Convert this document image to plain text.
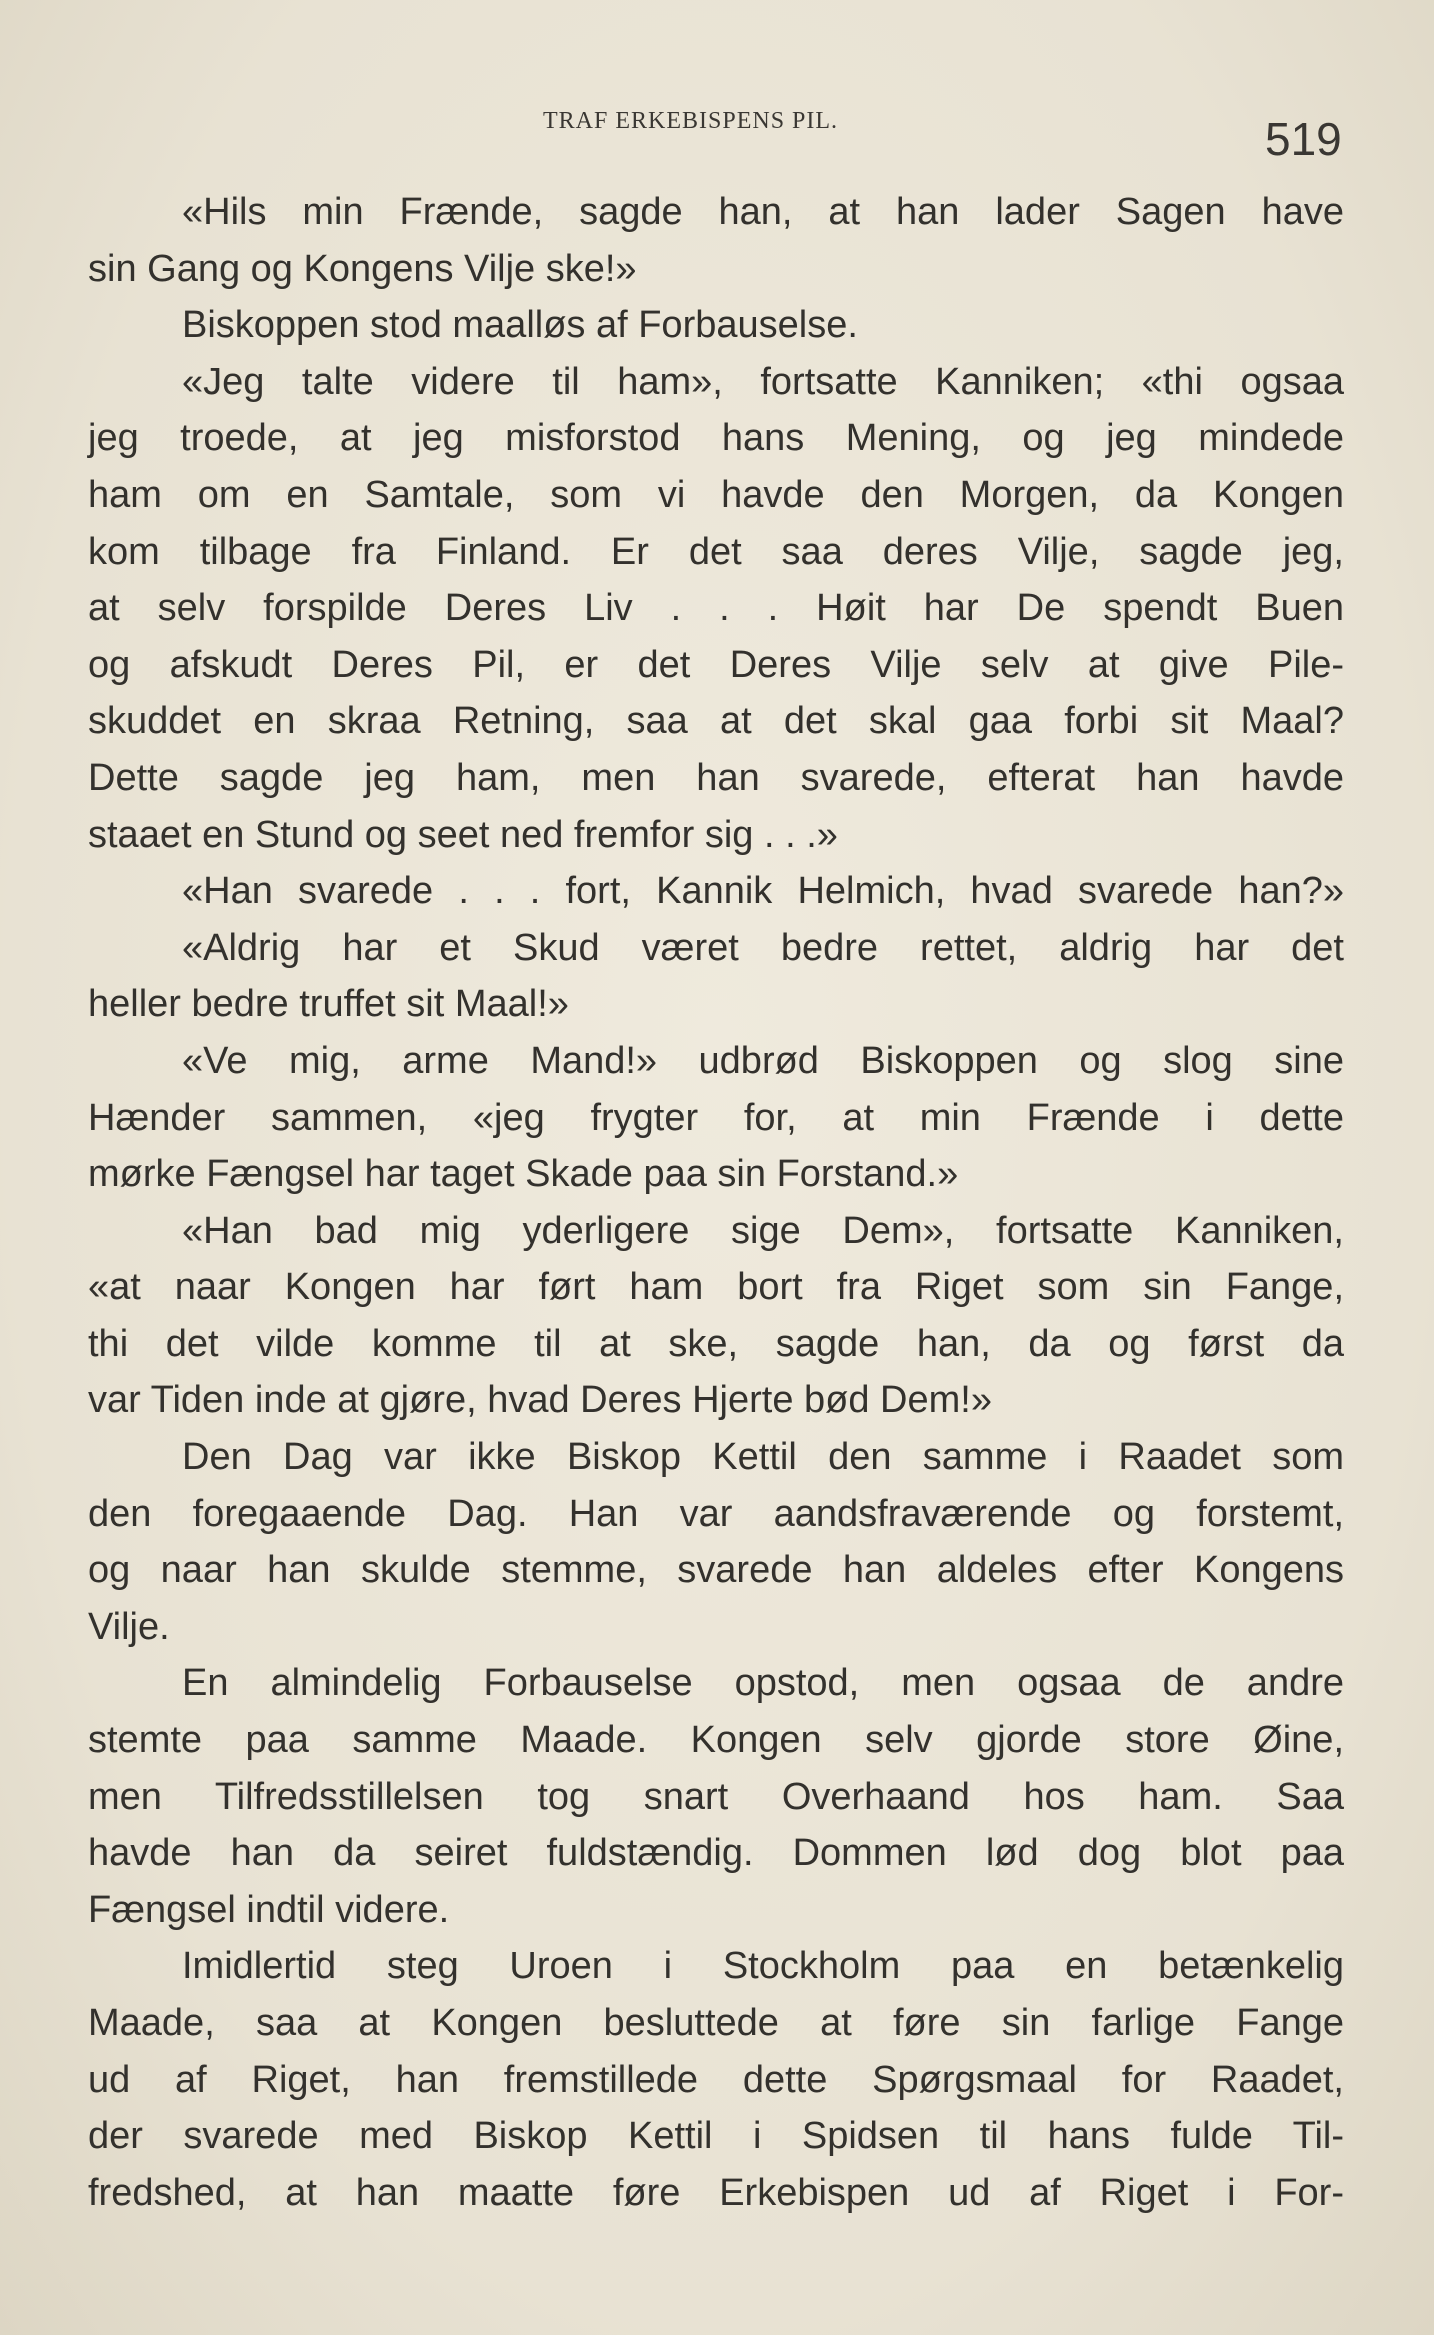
TRAF ERKEBISPENS PIL.	519
«Hils min Frænde, sagde han, at han lader Sagen have
sin Gang og Kongens Vilje ske!»
Biskoppen stod maalløs af Forbauselse.
«Jeg talte videre til ham», fortsatte Kanniken; «thi ogsaa
jeg troede, at jeg misforstod hans Mening, og jeg mindede
ham om en Samtale, som vi havde den Morgen, da Kongen
kom tilbage fra Finland. Er det saa deres Vilje, sagde jeg,
at selv forspilde Deres Liv . . . Høit har De spendt Buen
og afskudt Deres Pil, er det Deres Vilje selv at give Pile-
skuddet en skraa Retning, saa at det skal gaa forbi sit Maal?
Dette sagde jeg ham, men han svarede, efterat han havde
staaet en Stund og seet ned fremfor sig . . .»
«Han svarede . . . fort, Kannik Helmich, hvad svarede han?»
«Aldrig har et Skud været bedre rettet, aldrig har det
heller bedre truffet sit Maal!»
«Ve mig, arme Mand!» udbrød Biskoppen og slog sine
Hænder sammen, «jeg frygter for, at min Frænde i dette
mørke Fængsel har taget Skade paa sin Forstand.»
«Han bad mig yderligere sige Dem», fortsatte Kanniken,
«at naar Kongen har ført ham bort fra Riget som sin Fange,
thi det vilde komme til at ske, sagde han, da og først da
var Tiden inde at gjøre, hvad Deres Hjerte bød Dem!»
Den Dag var ikke Biskop Kettil den samme i Raadet som
den foregaaende Dag. Han var aandsfraværende og forstemt,
og naar han skulde stemme, svarede han aldeles efter Kongens
Vilje.
En almindelig Forbauselse opstod, men ogsaa de andre
stemte paa samme Maade. Kongen selv gjorde store Øine,
men Tilfredsstillelsen tog snart Overhaand hos ham. Saa
havde han da seiret fuldstændig. Dommen lød dog blot paa
Fængsel indtil videre.
Imidlertid steg Uroen i Stockholm paa en betænkelig
Maade, saa at Kongen besluttede at føre sin farlige Fange
ud af Riget, han fremstillede dette Spørgsmaal for Raadet,
der svarede med Biskop Kettil i Spidsen til hans fulde Til-
fredshed, at han maatte føre Erkebispen ud af Riget i For-
